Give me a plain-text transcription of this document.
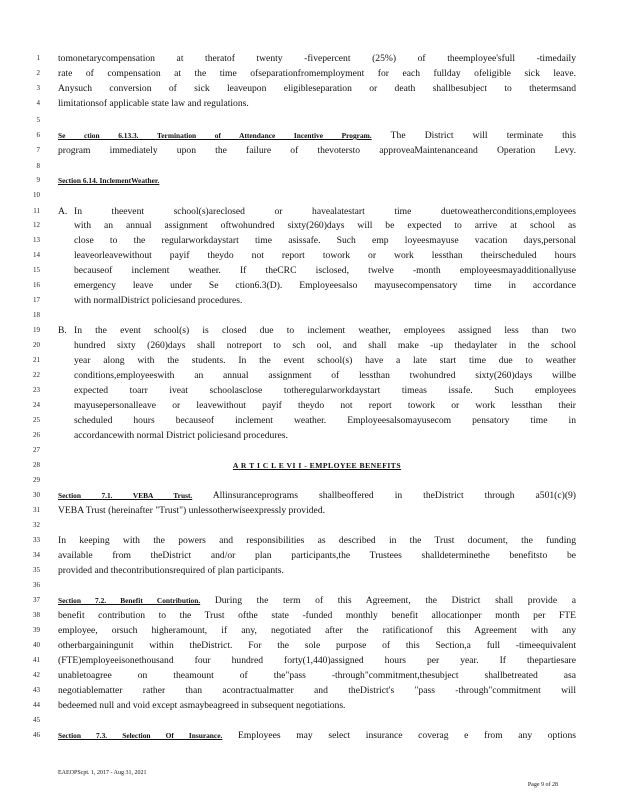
1
2
3
4
5
6
7
8
9
10
11
12
13
14
15
16
17
18
19
20
21
22
23
24
25
26
27
28
29
30
31
32
33
34
35
36
37
38
39
40
41
42
43
44
45
46
tomonetarycompensation at theratof twenty -fivepercent (25%) of theemployee'sfull -timedaily
rate of compensation at the time ofseparationfromemployment for each fullday ofeligible sick leave.
Anysuch conversion of sick leaveupon eligibleseparation or death shallbesubject to thetermsand
limitationsof applicable state law and regulations.
Se ction 6.13.3. Termination of Attendance Incentive Program. The District will terminate this
program immediately upon the failure of thevotersto approveaMaintenanceand Operation Levy.
Section 6.14. InclementWeather.
A. In theevent school(s)areclosed or havealatestart time duetoweatherconditions,employees
with an annual assignment oftwohundred sixty(260)days will be expected to arrive at school as
close to the regularworkdaystart time asissafe. Such emp loyeesmayuse vacation days,personal
leaveorleavewithout payif theydo not report towork or work lessthan theirscheduled hours
becauseof inclement weather. If theCRC isclosed, twelve -month employeesmayadditionallyuse
emergency leave under Se ction6.3(D). Employeesalso mayusecompensatory time in accordance
with normalDistrict policiesand procedures.
B. In the event school(s) is closed due to inclement weather, employees assigned less than two
hundred sixty (260)days shall notreport to sch ool, and shall make -up thedaylater in the school
year along with the students. In the event school(s) have a late start time due to weather
conditions,employeeswith an annual assignment of lessthan twohundred sixty(260)days willbe
expected toarr iveat schoolasclose totheregularworkdaystart timeas issafe. Such employees
mayusepersonalleave or leavewithout payif theydo not report towork or work lessthan their
scheduled hours becauseof inclement weather. Employeesalsomayusecom pensatory time in
accordancewith normal District policiesand procedures.
A R T I C L E VI I - EMPLOYEE BENEFITS
Section 7.1. VEBA Trust. Allinsuranceprograms shallbeoffered in theDistrict through a501(c)(9)
VEBA Trust (hereinafter "Trust") unlessotherwiseexpressly provided.
In keeping with the powers and responsibilities as described in the Trust document, the funding
available from theDistrict and/or plan participants,the Trustees shalldeterminethe benefitsto be
provided and thecontributionsrequired of plan participants.
Section 7.2. Benefit Contribution. During the term of this Agreement, the District shall provide a
benefit contribution to the Trust ofthe state -funded monthly benefit allocationper month per FTE
employee, orsuch higheramount, if any, negotiated after the ratificationof this Agreement with any
otherbargainingunit within theDistrict. For the sole purpose of this Section,a full -timeequivalent
(FTE)employeeisonethousand four hundred forty(1,440)assigned hours per year. If thepartiesare
unabletoagree on theamount of the"pass -through"commitment,thesubject shallbetreated asa
negotiablematter rather than acontractualmatter and theDistrict's "pass -through"commitment will
bedeemed null and void except asmaybeagreed in subsequent negotiations.
Section 7.3. Selection Of Insurance. Employees may select insurance coverag e from any options
EAEOPScpt. 1, 2017 - Aug 31, 2021
Page 9 of 28
